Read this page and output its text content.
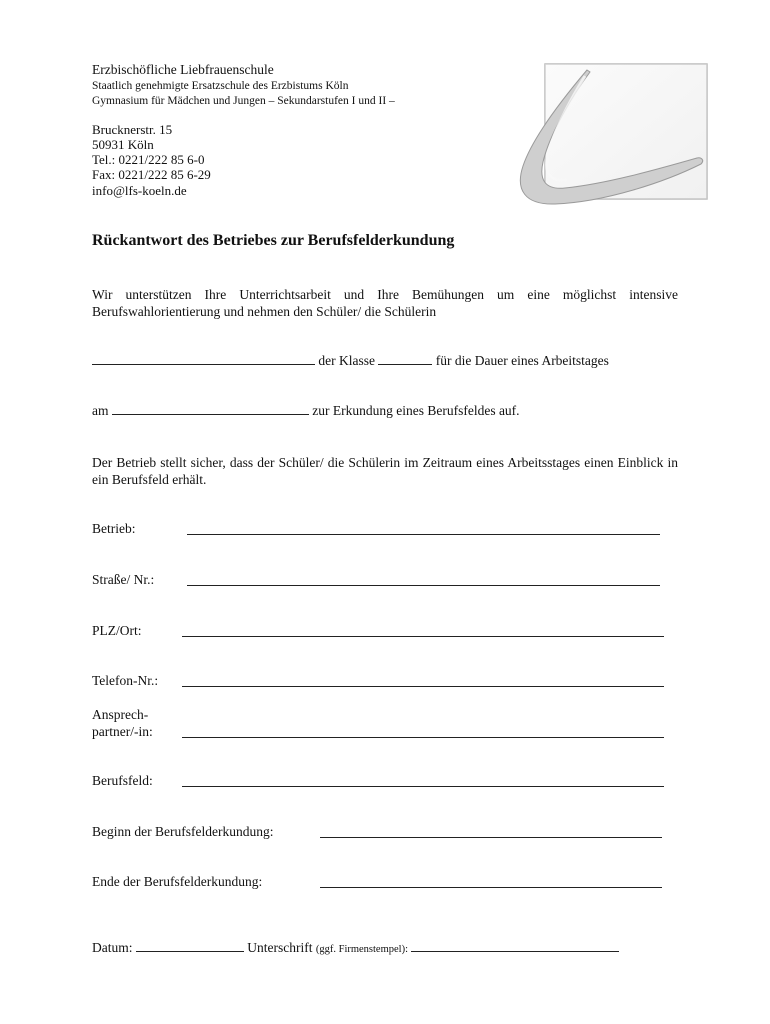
Erzbischöfliche Liebfrauenschule
Staatlich genehmigte Ersatzschule des Erzbistums Köln
Gymnasium für Mädchen und Jungen – Sekundarstufen I und II –
Brucknerstr. 15
50931 Köln
Tel.: 0221/222 85 6-0
Fax: 0221/222 85 6-29
info@lfs-koeln.de
Rückantwort des Betriebes zur Berufsfelderkundung
Wir unterstützen Ihre Unterrichtsarbeit und Ihre Bemühungen um eine möglichst intensive Berufswahlorientierung und nehmen den Schüler/ die Schülerin
der Klasse	für die Dauer eines Arbeitstages
am	zur Erkundung eines Berufsfeldes auf.
Der Betrieb stellt sicher, dass der Schüler/ die Schülerin im Zeitraum eines Arbeitsstages einen Einblick in ein Berufsfeld erhält.
Betrieb:
Straße/ Nr.:
PLZ/Ort:
Telefon-Nr.:
Ansprech-
partner/-in:
Berufsfeld:
Beginn der Berufsfelderkundung:
Ende der Berufsfelderkundung:
Datum:	Unterschrift (ggf. Firmenstempel):
